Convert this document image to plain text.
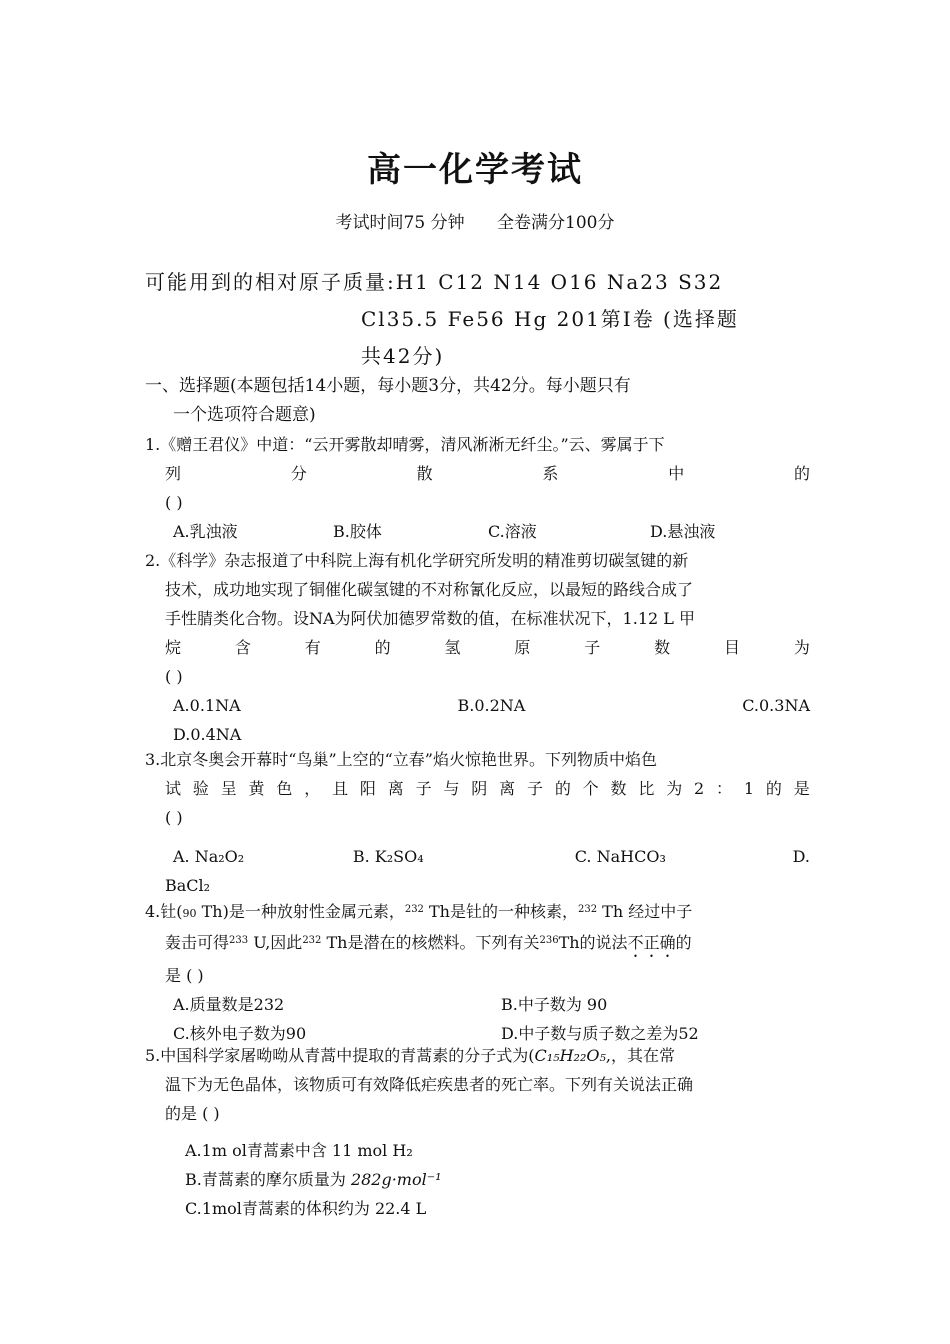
高一化学考试
考试时间75 分钟      全卷满分100分
可能用到的相对原子质量:H1 C12 N14 O16 Na23 S32
Cl35.5 Fe56 Hg 201第Ⅰ卷 (选择题
共42分)
一、选择题(本题包括14小题，每小题3分，共42分。每小题只有
一个选项符合题意)
1.《赠王君仪》中道：“云开雾散却晴雾，清风淅淅无纤尘。”云、雾属于下
列	分	散	系	中	的
( )
A.乳浊液	B.胶体	C.溶液	D.悬浊液
2.《科学》杂志报道了中科院上海有机化学研究所发明的精准剪切碳氢键的新
技术，成功地实现了铜催化碳氢键的不对称氰化反应，以最短的路线合成了
手性腈类化合物。设NA为阿伏加德罗常数的值，在标准状况下，1.12 L 甲
烷	含	有	的	氢	原	子	数	目	为
( )
A.0.1NA	B.0.2NA	C.0.3NA
D.0.4NA
3.北京冬奥会开幕时“鸟巢”上空的“立春”焰火惊艳世界。下列物质中焰色
试 验 呈 黄 色 ， 且 阳 离 子 与 阴 离 子 的 个 数 比 为 2 ： 1 的 是
( )
A. Na₂O₂	B. K₂SO₄	C. NaHCO₃	D.
BaCl₂
4.钍(90 Th)是一种放射性金属元素，$^{232}$ Th是钍的一种核素，$^{232}$ Th 经过中子
轰击可得$^{233}$ U,因此$^{232}$ Th是潜在的核燃料。下列有关$^{236}$Th的说法不正确的
是 ( )
A.质量数是232	B.中子数为 90
C.核外电子数为90	D.中子数与质子数之差为52
5.中国科学家屠呦呦从青蒿中提取的青蒿素的分子式为(C₁₅H₂₂O₅,，其在常
温下为无色晶体，该物质可有效降低疟疾患者的死亡率。下列有关说法正确
的是 ( )
A.1m ol青蒿素中含 11 mol H₂
B.青蒿素的摩尔质量为 282g·mol⁻¹
C.1mol青蒿素的体积约为 22.4 L
